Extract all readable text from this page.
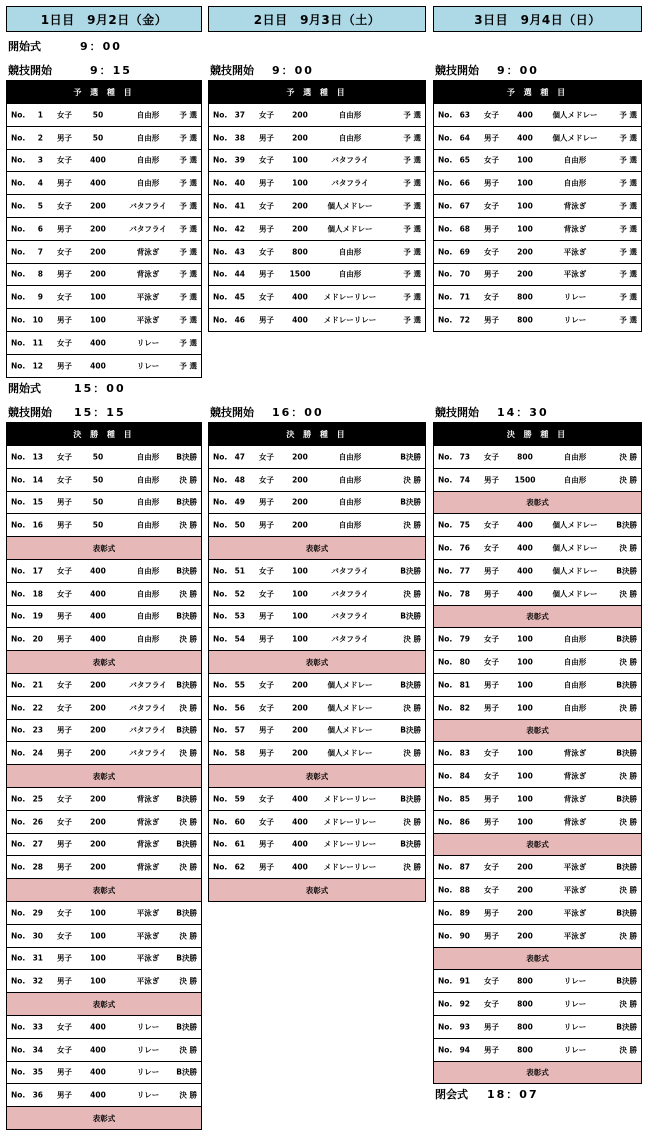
1日目　9月2日（金）
開始式	9：00
競技開始	9：15
予 選 種 目
No.	1 女子	50	自由形	予 選
No.	2 男子	50	自由形	予 選
No.	3 女子	400	自由形	予 選
No.	4 男子	400	自由形	予 選
No.	5 女子	200	バタフライ	予 選
No.	6 男子	200	バタフライ	予 選
No.	7 女子	200	背泳ぎ	予 選
No.	8 男子	200	背泳ぎ	予 選
No.	9 女子	100	平泳ぎ	予 選
No. 10 男子	100	平泳ぎ	予 選
No. 11 女子	400	リレー	予 選
No. 12 男子	400	リレー	予 選
開始式	15：00
競技開始 15：15
決 勝 種 目
No. 13 女子	50	自由形	B決勝
No. 14 女子	50	自由形	決 勝
No. 15 男子	50	自由形	B決勝
No. 16 男子	50	自由形	決 勝
表彰式
No. 17 女子	400	自由形	B決勝
No. 18 女子	400	自由形	決 勝
No. 19 男子	400	自由形	B決勝
No. 20 男子	400	自由形	決 勝
表彰式
No. 21 女子	200	バタフライ	B決勝
No. 22 女子	200	バタフライ	決 勝
No. 23 男子	200	バタフライ	B決勝
No. 24 男子	200	バタフライ	決 勝
表彰式
No. 25 女子	200	背泳ぎ	B決勝
No. 26 女子	200	背泳ぎ	決 勝
No. 27 男子	200	背泳ぎ	B決勝
No. 28 男子	200	背泳ぎ	決 勝
表彰式
No. 29 女子	100	平泳ぎ	B決勝
No. 30 女子	100	平泳ぎ	決 勝
No. 31 男子	100	平泳ぎ	B決勝
No. 32 男子	100	平泳ぎ	決 勝
表彰式
No. 33 女子	400	リレー	B決勝
No. 34 女子	400	リレー	決 勝
No. 35 男子	400	リレー	B決勝
No. 36 男子	400	リレー	決 勝
表彰式
2日目　9月3日（土）
競技開始 9：00
予 選 種 目
No. 37 女子	200	自由形	予 選
No. 38 男子	200	自由形	予 選
No. 39 女子	100	バタフライ	予 選
No. 40 男子	100	バタフライ	予 選
No. 41 女子	200	個人メドレー	予 選
No. 42 男子	200	個人メドレー	予 選
No. 43 女子	800	自由形	予 選
No. 44 男子	1500	自由形	予 選
No. 45 女子	400	メドレーリレー	予 選
No. 46 男子	400	メドレーリレー	予 選
競技開始 16：00
決 勝 種 目
No. 47 女子	200	自由形	B決勝
No. 48 女子	200	自由形	決 勝
No. 49 男子	200	自由形	B決勝
No. 50 男子	200	自由形	決 勝
表彰式
No. 51 女子	100	バタフライ	B決勝
No. 52 女子	100	バタフライ	決 勝
No. 53 男子	100	バタフライ	B決勝
No. 54 男子	100	バタフライ	決 勝
表彰式
No. 55 女子	200	個人メドレー	B決勝
No. 56 女子	200	個人メドレー	決 勝
No. 57 男子	200	個人メドレー	B決勝
No. 58 男子	200	個人メドレー	決 勝
表彰式
No. 59 女子	400	メドレーリレー	B決勝
No. 60 女子	400	メドレーリレー	決 勝
No. 61 男子	400	メドレーリレー	B決勝
No. 62 男子	400	メドレーリレー	決 勝
表彰式
3日目　9月4日（日）
競技開始 9：00
予 選 種 目
No. 63 女子	400	個人メドレー	予 選
No. 64 男子	400	個人メドレー	予 選
No. 65 女子	100	自由形	予 選
No. 66 男子	100	自由形	予 選
No. 67 女子	100	背泳ぎ	予 選
No. 68 男子	100	背泳ぎ	予 選
No. 69 女子	200	平泳ぎ	予 選
No. 70 男子	200	平泳ぎ	予 選
No. 71 女子	800	リレー	予 選
No. 72 男子	800	リレー	予 選
競技開始 14：30
決 勝 種 目
No. 73 女子	800	自由形	決 勝
No. 74 男子	1500	自由形	決 勝
表彰式
No. 75 女子	400	個人メドレー	B決勝
No. 76 女子	400	個人メドレー	決 勝
No. 77 男子	400	個人メドレー	B決勝
No. 78 男子	400	個人メドレー	決 勝
表彰式
No. 79 女子	100	自由形	B決勝
No. 80 女子	100	自由形	決 勝
No. 81 男子	100	自由形	B決勝
No. 82 男子	100	自由形	決 勝
表彰式
No. 83 女子	100	背泳ぎ	B決勝
No. 84 女子	100	背泳ぎ	決 勝
No. 85 男子	100	背泳ぎ	B決勝
No. 86 男子	100	背泳ぎ	決 勝
表彰式
No. 87 女子	200	平泳ぎ	B決勝
No. 88 女子	200	平泳ぎ	決 勝
No. 89 男子	200	平泳ぎ	B決勝
No. 90 男子	200	平泳ぎ	決 勝
表彰式
No. 91 女子	800	リレー	B決勝
No. 92 女子	800	リレー	決 勝
No. 93 男子	800	リレー	B決勝
No. 94 男子	800	リレー	決 勝
表彰式
閉会式 18：07
